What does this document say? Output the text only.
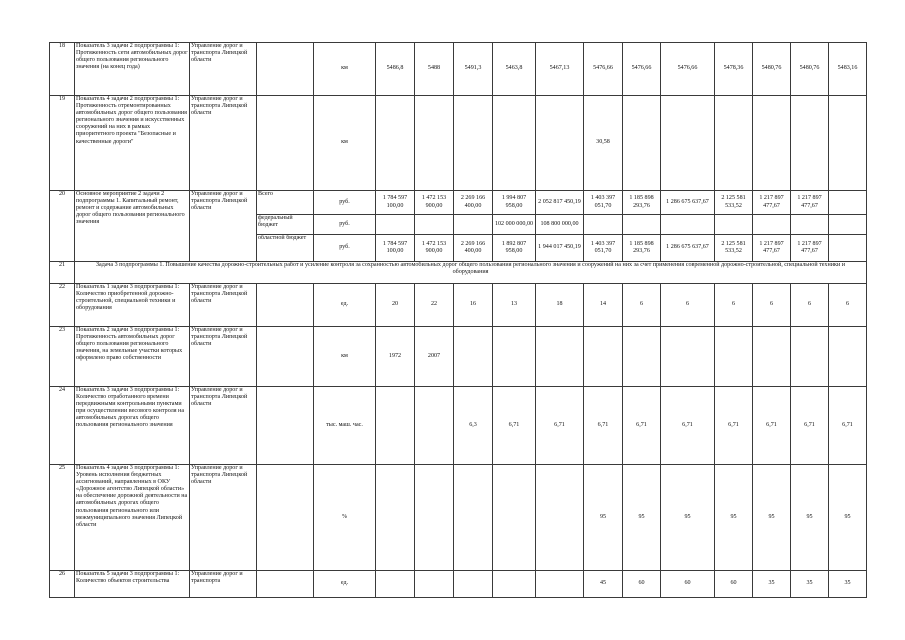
18	Показатель 3 задачи 2 подпрограммы 1: Протяженность сети автомобильных дорог общего пользования регионального значения (на конец года)	Управление дорог и транспорта Липецкой области		км	5486,8	5488	5491,3	5463,8	5467,13	5476,66	5476,66	5476,66	5478,36	5480,76	5480,76	5483,16
19	Показатель 4 задачи 2 подпрограммы 1: Протяженность отремонтированных автомобильных дорог общего пользования регионального значения и искусственных сооружений на них в рамках приоритетного проекта "Безопасные и качественные дороги"	Управление дорог и транспорта Липецкой области		км						30,58						
20	Основное мероприятие 2 задачи 2 подпрограммы 1. Капитальный ремонт, ремонт и содержание автомобильных дорог общего пользования регионального значения	Управление дорог и транспорта Липецкой области	Всего	руб.	1 784 597 100,00	1 472 153 900,00	2 269 166 400,00	1 994 807 958,00	2 052 817 450,19	1 403 397 051,70	1 185 898 293,76	1 286 675 637,67	2 125 581 533,52	1 217 897 477,67	1 217 897 477,67	
			федеральный бюджет	руб.				102 000 000,00	108 800 000,00							
			областной бюджет	руб.	1 784 597 100,00	1 472 153 900,00	2 269 166 400,00	1 892 807 958,00	1 944 017 450,19	1 403 397 051,70	1 185 898 293,76	1 286 675 637,67	2 125 581 533,52	1 217 897 477,67	1 217 897 477,67	
21	Задача 3 подпрограммы 1. Повышение качества дорожно-строительных работ и усиление контроля за сохранностью автомобильных дорог общего пользования регионального значения и сооружений на них за счет применения современной дорожно-строительной, специальной техники и оборудования															
22	Показатель 1 задачи 3 подпрограммы 1: Количество приобретенной дорожно-строительной, специальной техники и оборудования	Управление дорог и транспорта Липецкой области		ед.	20	22	16	13	18	14	6	6	6	6	6	6
23	Показатель 2 задачи 3 подпрограммы 1: Протяженность автомобильных дорог общего пользования регионального значения, на земельные участки которых оформлено право собственности	Управление дорог и транспорта Липецкой области		км	1972	2007										
24	Показатель 3 задачи 3 подпрограммы 1: Количество отработанного времени передвижными контрольными пунктами при осуществлении весового контроля на автомобильных дорогах общего пользования регионального значения	Управление дорог и транспорта Липецкой области		тыс. маш. час.			6,3	6,71	6,71	6,71	6,71	6,71	6,71	6,71	6,71	6,71
25	Показатель 4 задачи 3 подпрограммы 1: Уровень исполнения бюджетных ассигнований, направленных в ОКУ «Дорожное агентство Липецкой области» на обеспечение дорожной деятельности на автомобильных дорогах общего пользования регионального или межмуниципального значения Липецкой области	Управление дорог и транспорта Липецкой области		%						95	95	95	95	95	95	95
26	Показатель 5 задачи 3 подпрограммы 1: Количество объектов строительства	Управление дорог и транспорта		ед.						45	60	60	60	35	35	35
